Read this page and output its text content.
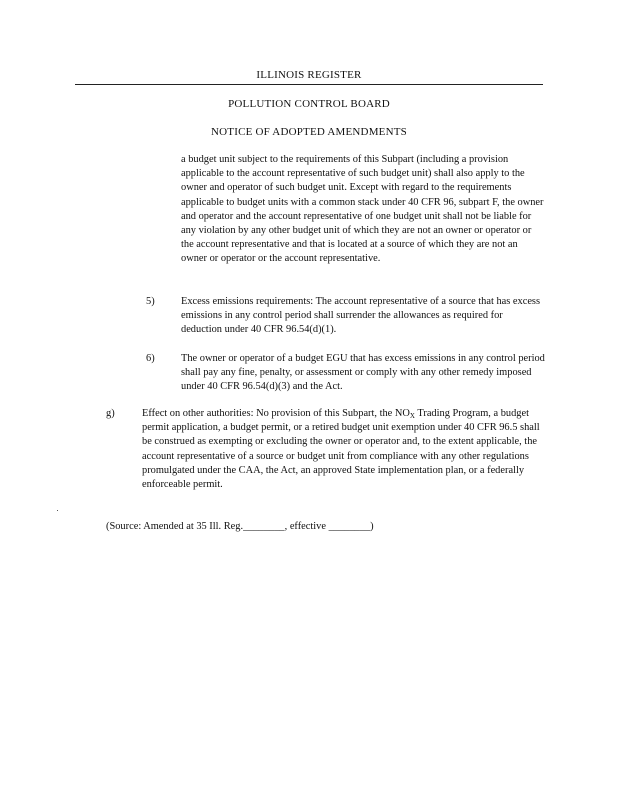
ILLINOIS REGISTER
POLLUTION CONTROL BOARD
NOTICE OF ADOPTED AMENDMENTS
a budget unit subject to the requirements of this Subpart (including a provision applicable to the account representative of such budget unit) shall also apply to the owner and operator of such budget unit. Except with regard to the requirements applicable to budget units with a common stack under 40 CFR 96, subpart F, the owner and operator and the account representative of one budget unit shall not be liable for any violation by any other budget unit of which they are not an owner or operator or the account representative and that is located at a source of which they are not an owner or operator or the account representative.
5)	Excess emissions requirements: The account representative of a source that has excess emissions in any control period shall surrender the allowances as required for deduction under 40 CFR 96.54(d)(1).
6)	The owner or operator of a budget EGU that has excess emissions in any control period shall pay any fine, penalty, or assessment or comply with any other remedy imposed under 40 CFR 96.54(d)(3) and the Act.
g)	Effect on other authorities: No provision of this Subpart, the $NO_X$ Trading Program, a budget permit application, a budget permit, or a retired budget unit exemption under 40 CFR 96.5 shall be construed as exempting or excluding the owner or operator and, to the extent applicable, the account representative of a source or budget unit from compliance with any other regulations promulgated under the CAA, the Act, an approved State implementation plan, or a federally enforceable permit.
(Source: Amended at 35 Ill. Reg.________, effective ________)
